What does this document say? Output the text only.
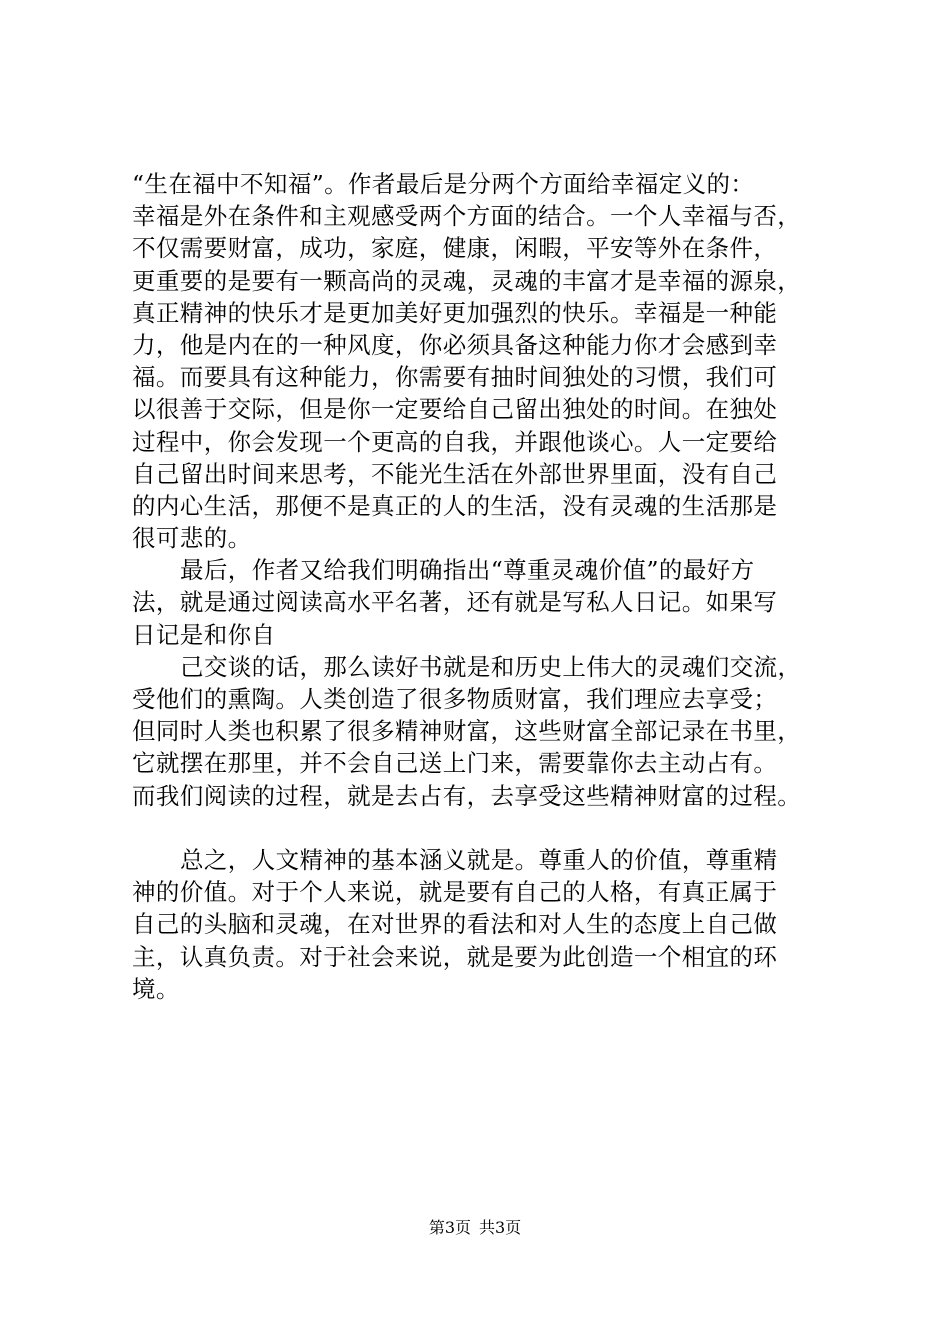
“生在福中不知福”。作者最后是分两个方面给幸福定义的：
幸福是外在条件和主观感受两个方面的结合。一个人幸福与否，
不仅需要财富，成功，家庭，健康，闲暇，平安等外在条件，
更重要的是要有一颗高尚的灵魂，灵魂的丰富才是幸福的源泉，
真正精神的快乐才是更加美好更加强烈的快乐。幸福是一种能
力，他是内在的一种风度，你必须具备这种能力你才会感到幸
福。而要具有这种能力，你需要有抽时间独处的习惯，我们可
以很善于交际，但是你一定要给自己留出独处的时间。在独处
过程中，你会发现一个更高的自我，并跟他谈心。人一定要给
自己留出时间来思考，不能光生活在外部世界里面，没有自己
的内心生活，那便不是真正的人的生活，没有灵魂的生活那是
很可悲的。
最后，作者又给我们明确指出“尊重灵魂价值”的最好方
法，就是通过阅读高水平名著，还有就是写私人日记。如果写
日记是和你自
己交谈的话，那么读好书就是和历史上伟大的灵魂们交流，
受他们的熏陶。人类创造了很多物质财富，我们理应去享受；
但同时人类也积累了很多精神财富，这些财富全部记录在书里，
它就摆在那里，并不会自己送上门来，需要靠你去主动占有。
而我们阅读的过程，就是去占有，去享受这些精神财富的过程。
总之，人文精神的基本涵义就是。尊重人的价值，尊重精
神的价值。对于个人来说，就是要有自己的人格，有真正属于
自己的头脑和灵魂，在对世界的看法和对人生的态度上自己做
主，认真负责。对于社会来说，就是要为此创造一个相宜的环
境。
第3页 共3页
